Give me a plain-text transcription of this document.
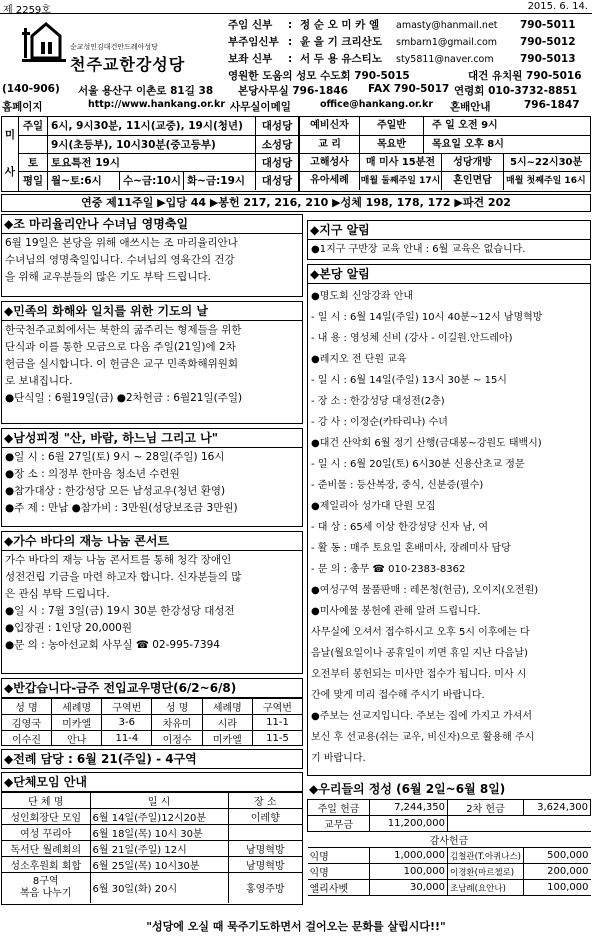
제 2259호	2015. 6. 14.
순교성인김대건안드레아성당
천주교한강성당
주임 신부	: 정 순 오 미 카 엘	amasty@hanmail.net	790-5011
부주임신부 : 윤 을 기 크리산도	smbarn1@gmail.com	790-5012
보좌 신부	: 서 두 용 유스티노	sty5811@naver.com	790-5013
영원한 도움의 성모 수도회 790-5015	대건 유치원 790-5016
(140-906)	서울 용산구 이촌로 81길 38	본당사무실 796-1846	FAX 790-5017 연령회 010-3732-8851
홈페이지	http://www.hankang.or.kr 사무실이메일	office@hankang.or.kr	혼배안내	796-1847
미
사
주일 6시, 9시30분, 11시(교중), 19시(청년)	대성당
9시(초등부), 10시30분(중고등부)	소성당
토	토요특전 19시	대성당
평일 월~토:6시	수~금:10시 화~금:19시	대성당
예비신자	주일반	주 일 오전 9시
교 리	목요반	목요일 오후 8시
고해성사	매 미사 15분전	성당개방	5시~22시30분
유아세례	매월 둘째주일 17시	혼인면담	매월 첫째주일 16시
연중 제11주일 ▶입당 44 ▶봉헌 217, 216, 210 ▶성체 198, 178, 172 ▶파견 202
◆조 마리율리안나 수녀님 영명축일

6월 19일은 본당을 위해 애쓰시는 조 마리율리안나

수녀님의 영명축일입니다. 수녀님의 영육간의 건강

을 위해 교우분들의 많은 기도 부탁 드립니다.

◆민족의 화해와 일치를 위한 기도의 날

한국천주교회에서는 북한의 굶주리는 형제들을 위한

단식과 이를 통한 모금으로 다음 주일(21일)에 2차

헌금을 실시합니다. 이 헌금은 교구 민족화해위원회

로 보내집니다.

●단식일 : 6월19일(금) ●2차헌금 : 6월21일(주일)

◆남성피정 "산, 바람, 하느님 그리고 나"

●일 시 : 6월 27일(토) 9시 ~ 28일(주일) 16시

●장 소 : 의정부 한마음 청소년 수련원

●참가대상 : 한강성당 모든 남성교우(청년 환영)

●주 제 : 만남 ●참가비 : 3만원(성당보조금 3만원)

◆가수 바다의 재능 나눔 콘서트

가수 바다의 재능 나눔 콘서트를 통해 청각 장애인

성전건립 기금을 마련 하고자 합니다. 신자분들의 많

은 관심 부탁 드립니다.

●일 시 : 7월 3일(금) 19시 30분 한강성당 대성전

●입장권 : 1인당 20,000원

●문 의 : 농아선교회 사무실 ☎ 02-995-7394

◆반갑습니다-금주 전입교우명단(6/2~6/8)
성 명	세례명	구역번	성 명	세례명	구역번
김영국	미카엘	3-6	차유미	시라	11-1
이수진	안나	11-4	이정수	미카엘	11-5
◆전례 담당 : 6월 21(주일) - 4구역
◆단체모임 안내
단 체 명	일 시	장 소
성인회장단 모임	6월 14일(주일)12시20분	이레향
여성 꾸리아	6월 18일(목) 10시 30분	
독서단 월례회의	6월 21일(주일) 12시	남명혁방
성소후원회 회합	6월 25일(목) 10시30분	남명혁방
8구역
복음 나누기	6월 30일(화) 20시	홍영주방
◆지구 알림

●1지구 구반장 교육 안내 : 6월 교육은 없습니다.

◆본당 알림

●명도회 신앙강좌 안내

- 일 시 : 6월 14일(주일) 10시 40분~12시 남명혁방

- 내 용 : 영성체 신비 (강사 - 이길원.안드레아)

●레지오 전 단원 교육

- 일 시 : 6월 14일(주일) 13시 30분 ~ 15시

- 장 소 : 한강성당 대성전(2층)

- 강 사 : 이정순(카타리나) 수녀

●대건 산악회 6월 정기 산행(금대봉~강원도 태백시)

- 일 시 : 6월 20일(토) 6시30분 신용산초교 정문

- 준비물 : 등산복장, 중식, 신분증(필수)

●제일리아 성가대 단원 모집

- 대 상 : 65세 이상 한강성당 신자 남, 여

- 활 동 : 매주 토요일 혼배미사, 장례미사 담당

- 문 의 : 총무 ☎ 010-2383-8362

●여성구역 물품판매 : 레몬청(헌금), 오이지(오전원)

●미사예물 봉헌에 관해 알려 드립니다.

사무실에 오셔서 접수하시고 오후 5시 이후에는 다

음날(월요일이나 공휴일이 끼면 휴일 지난 다음날)

오전부터 봉헌되는 미사만 접수가 됩니다. 미사 시

간에 맞게 미리 접수해 주시기 바랍니다.

●주보는 선교지입니다. 주보는 집에 가지고 가셔서

보신 후 선교용(쉬는 교우, 비신자)으로 활용해 주시

기 바랍니다.

◆우리들의 정성 (6월 2일~6월 8일)
주일 헌금	7,244,350	2차 헌금	3,624,300
교무금	11,200,000		
감사헌금			
익명	1,000,000	김철관(T.아퀴나스)	500,000
익명	100,000	이경환(마르첼로)	200,000
엘리사벳	30,000	조남례(요안나)	100,000
"성당에 오실 때 묵주기도하면서 걸어오는 문화를 살립시다!!"
